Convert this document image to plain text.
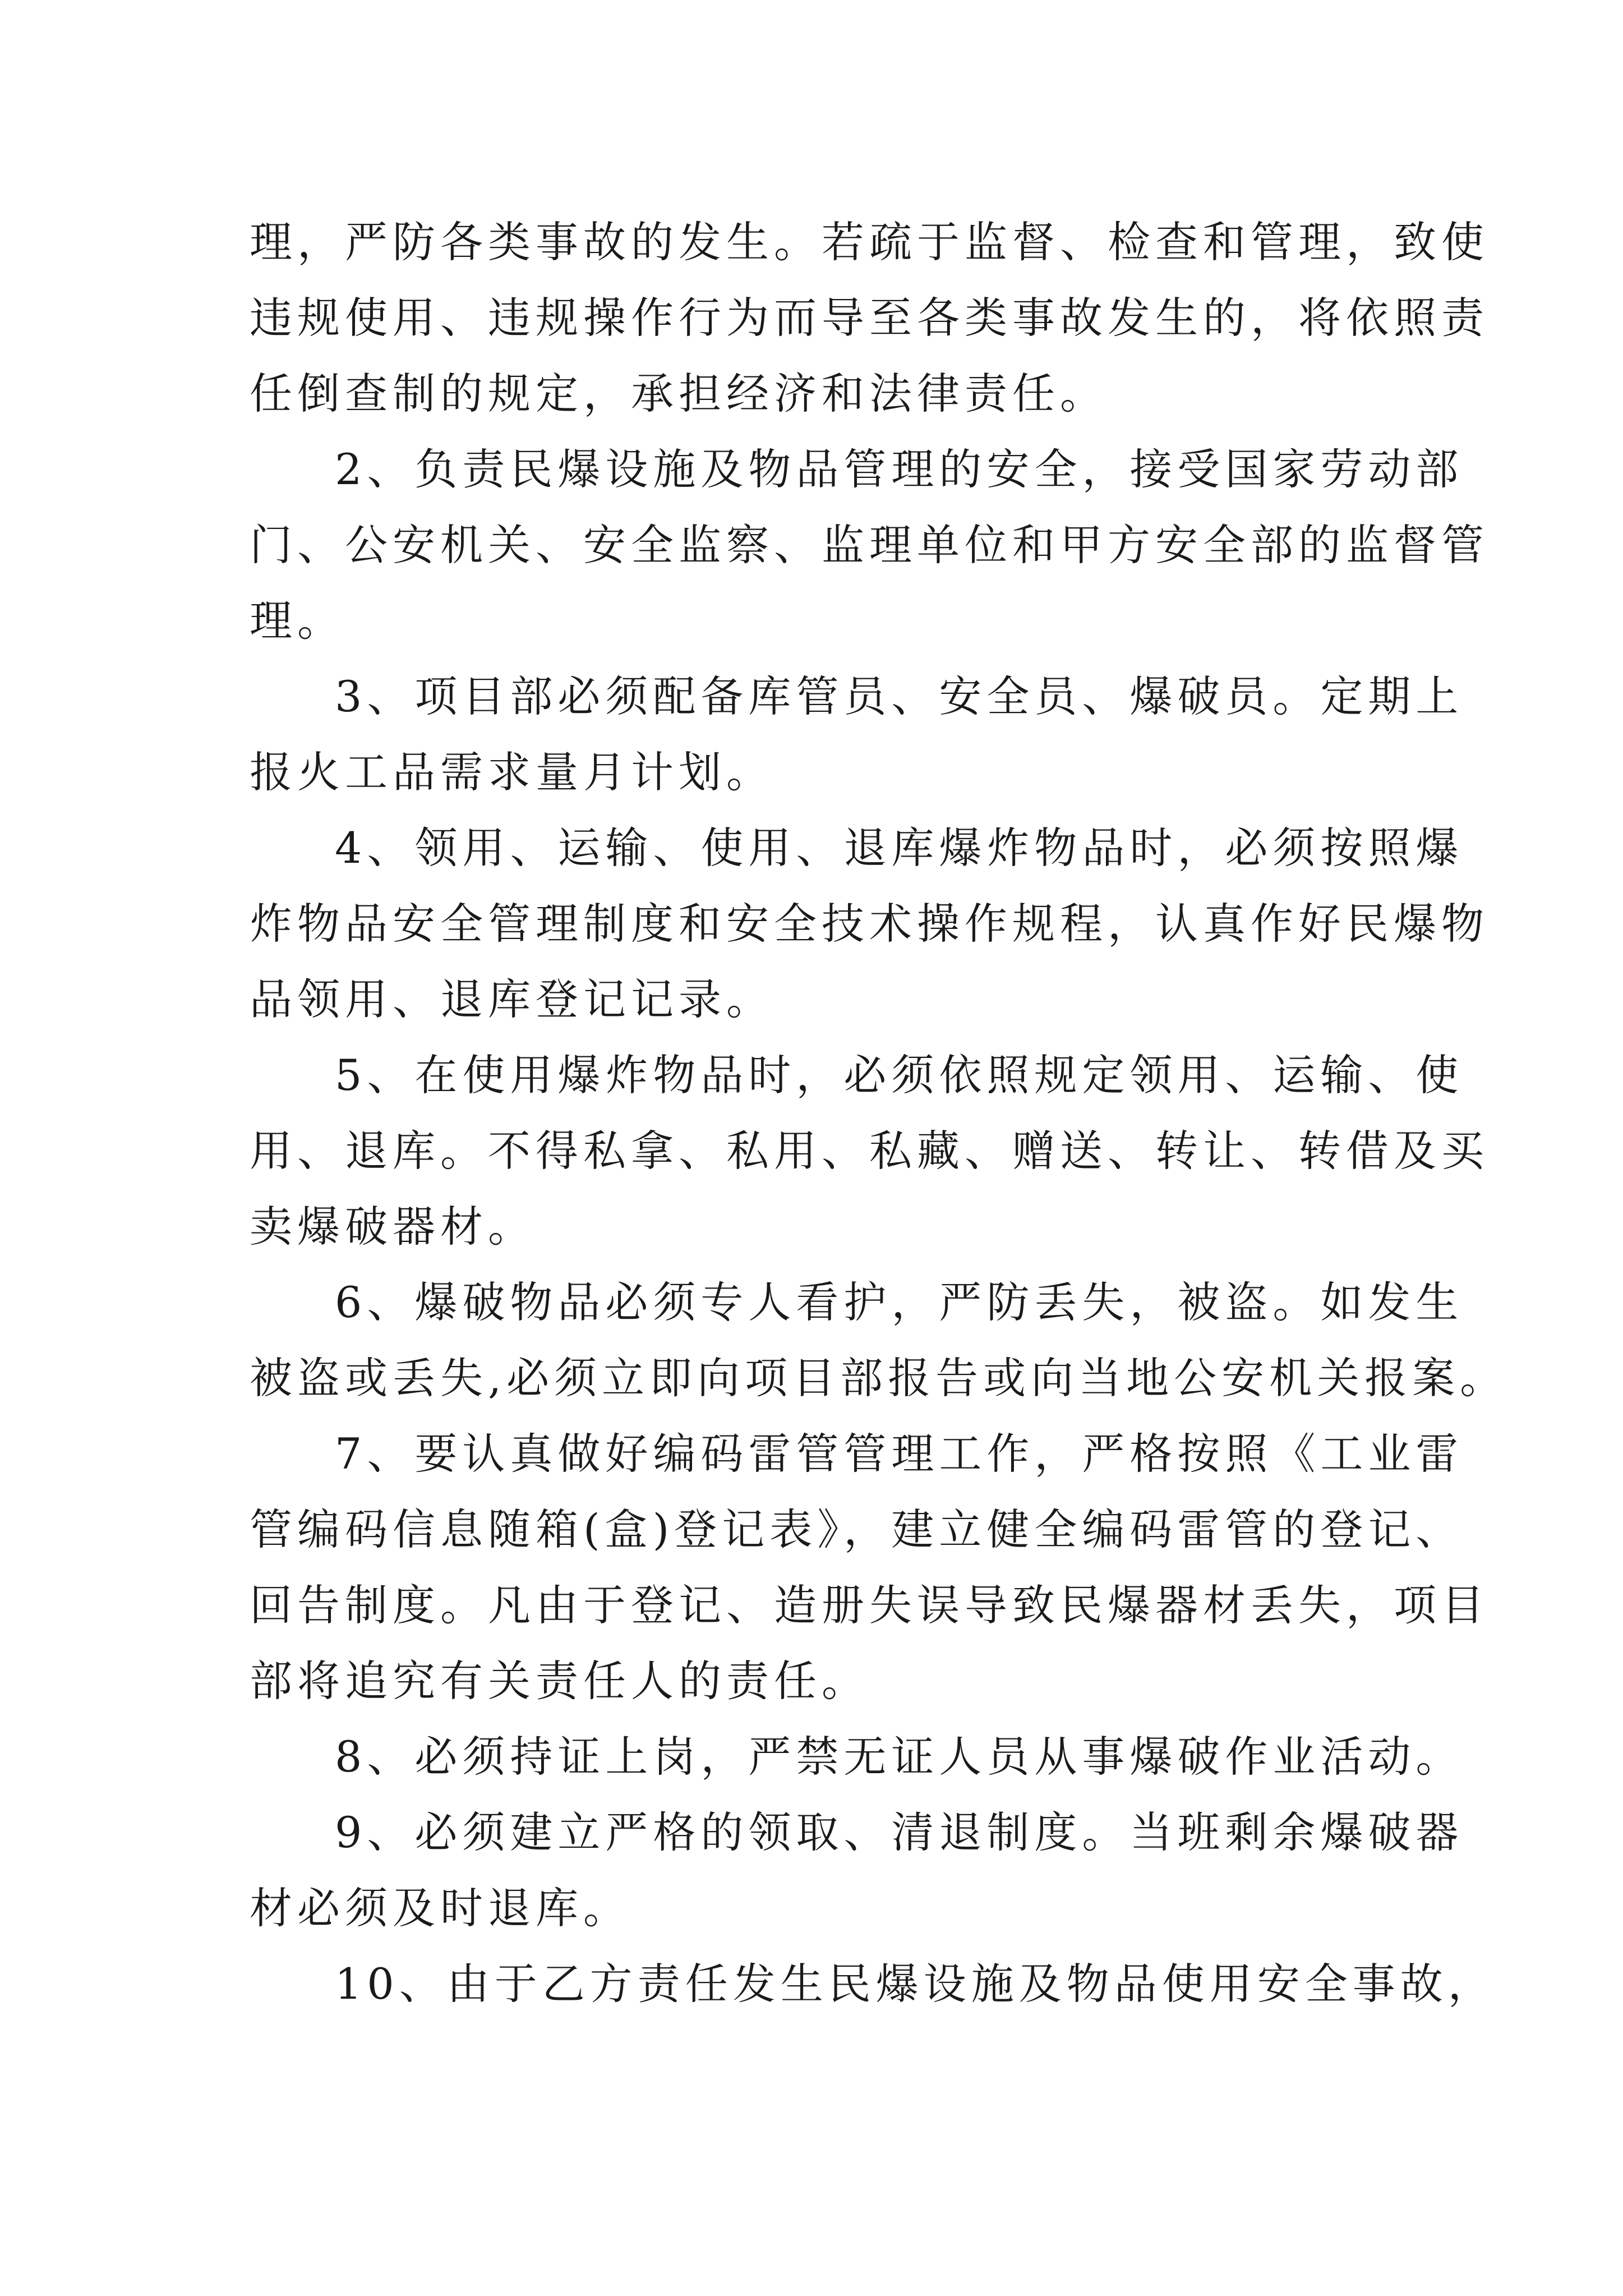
理，严防各类事故的发生。若疏于监督、检查和管理，致使

违规使用、违规操作行为而导至各类事故发生的，将依照责

任倒查制的规定，承担经济和法律责任。

2、负责民爆设施及物品管理的安全，接受国家劳动部

门、公安机关、安全监察、监理单位和甲方安全部的监督管

理。

3、项目部必须配备库管员、安全员、爆破员。定期上

报火工品需求量月计划。

4、领用、运输、使用、退库爆炸物品时，必须按照爆

炸物品安全管理制度和安全技术操作规程，认真作好民爆物

品领用、退库登记记录。

5、在使用爆炸物品时，必须依照规定领用、运输、使

用、退库。不得私拿、私用、私藏、赠送、转让、转借及买

卖爆破器材。

6、爆破物品必须专人看护，严防丢失，被盗。如发生

被盗或丢失,必须立即向项目部报告或向当地公安机关报案。

7、要认真做好编码雷管管理工作，严格按照《工业雷

管编码信息随箱(盒)登记表》，建立健全编码雷管的登记、

回告制度。凡由于登记、造册失误导致民爆器材丢失，项目

部将追究有关责任人的责任。

8、必须持证上岗，严禁无证人员从事爆破作业活动。

9、必须建立严格的领取、清退制度。当班剩余爆破器

材必须及时退库。

10、由于乙方责任发生民爆设施及物品使用安全事故，
